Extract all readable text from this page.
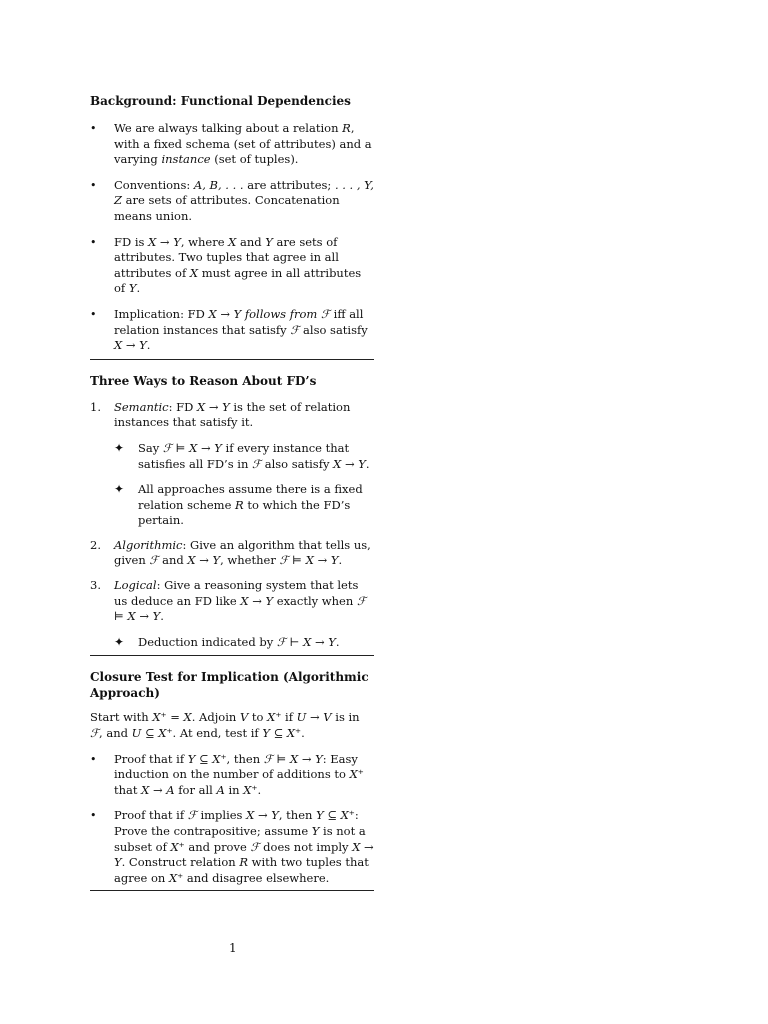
Background: Functional Dependencies
•	We are always talking about a relation R, with a fixed schema (set of attributes) and a varying instance (set of tuples).
•	Conventions: A, B, . . . are attributes; . . . , Y, Z are sets of attributes. Concatenation means union.
•	FD is X → Y, where X and Y are sets of attributes. Two tuples that agree in all attributes of X must agree in all attributes of Y.
•	Implication: FD X → Y follows from ℱ iff all relation instances that satisfy ℱ also satisfy X → Y.
Three Ways to Reason About FD’s
1.	Semantic: FD X → Y is the set of relation instances that satisfy it.
✦	Say ℱ ⊨ X → Y if every instance that satisfies all FD’s in ℱ also satisfy X → Y.
✦	All approaches assume there is a fixed relation scheme R to which the FD’s pertain.
2.	Algorithmic: Give an algorithm that tells us, given ℱ and X → Y, whether ℱ ⊨ X → Y.
3.	Logical: Give a reasoning system that lets us deduce an FD like X → Y exactly when ℱ ⊨ X → Y.
✦	Deduction indicated by ℱ ⊢ X → Y.
Closure Test for Implication (Algorithmic Approach)
Start with X⁺ = X. Adjoin V to X⁺ if U → V is in ℱ, and U ⊆ X⁺. At end, test if Y ⊆ X⁺.
•	Proof that if Y ⊆ X⁺, then ℱ ⊨ X → Y: Easy induction on the number of additions to X⁺ that X → A for all A in X⁺.
•	Proof that if ℱ implies X → Y, then Y ⊆ X⁺: Prove the contrapositive; assume Y is not a subset of X⁺ and prove ℱ does not imply X → Y. Construct relation R with two tuples that agree on X⁺ and disagree elsewhere.
1
